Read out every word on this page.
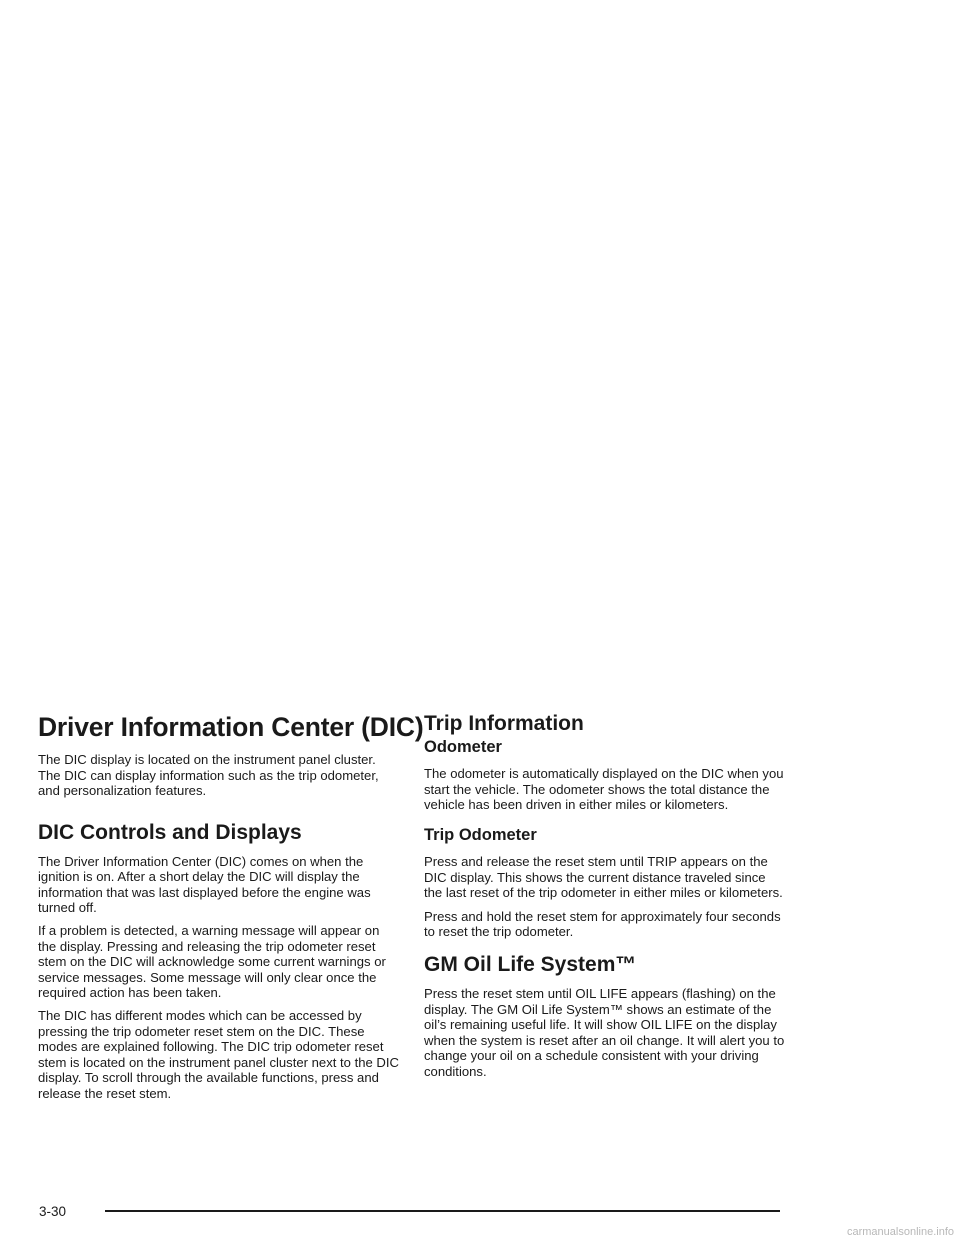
Driver Information Center (DIC)

The DIC display is located on the instrument panel cluster. The DIC can display information such as the trip odometer, and personalization features.

DIC Controls and Displays

The Driver Information Center (DIC) comes on when the ignition is on. After a short delay the DIC will display the information that was last displayed before the engine was turned off.

If a problem is detected, a warning message will appear on the display. Pressing and releasing the trip odometer reset stem on the DIC will acknowledge some current warnings or service messages. Some message will only clear once the required action has been taken.

The DIC has different modes which can be accessed by pressing the trip odometer reset stem on the DIC. These modes are explained following. The DIC trip odometer reset stem is located on the instrument panel cluster next to the DIC display. To scroll through the available functions, press and release the reset stem.

Trip Information
Odometer

The odometer is automatically displayed on the DIC when you start the vehicle. The odometer shows the total distance the vehicle has been driven in either miles or kilometers.

Trip Odometer

Press and release the reset stem until TRIP appears on the DIC display. This shows the current distance traveled since the last reset of the trip odometer in either miles or kilometers.

Press and hold the reset stem for approximately four seconds to reset the trip odometer.

GM Oil Life System™

Press the reset stem until OIL LIFE appears (flashing) on the display. The GM Oil Life System™ shows an estimate of the oil’s remaining useful life. It will show OIL LIFE on the display when the system is reset after an oil change. It will alert you to change your oil on a schedule consistent with your driving conditions.

3-30
carmanualsonline.info
